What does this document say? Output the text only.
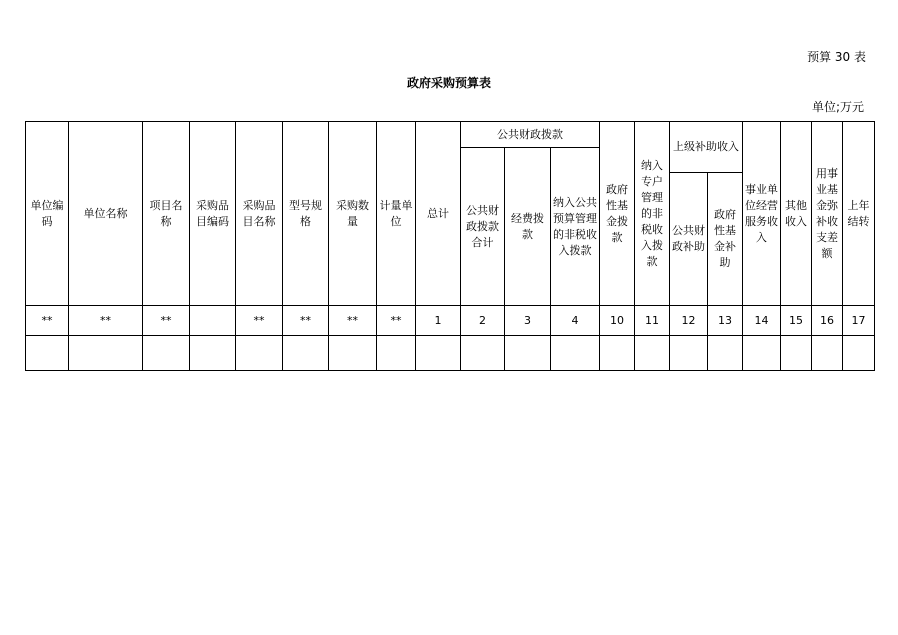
预算 30 表
政府采购预算表
单位;万元
单位编码	单位名称	项目名称	采购品目编码	采购品目名称	型号规格	采购数量	计量单位	总计	公共财政拨款			政府性基金拨款	纳入专户管理的非税收入拨款	上级补助收入		事业单位经营服务收入	其他收入	用事业基金弥补收支差额	上年结转
									公共财政拨款合计	经费拨款	纳入公共预算管理的非税收入拨款								
														公共财政补助	政府性基金补助				
**	**	**		**	**	**	**	1	2	3	4	10	11	12	13	14	15	16	17
